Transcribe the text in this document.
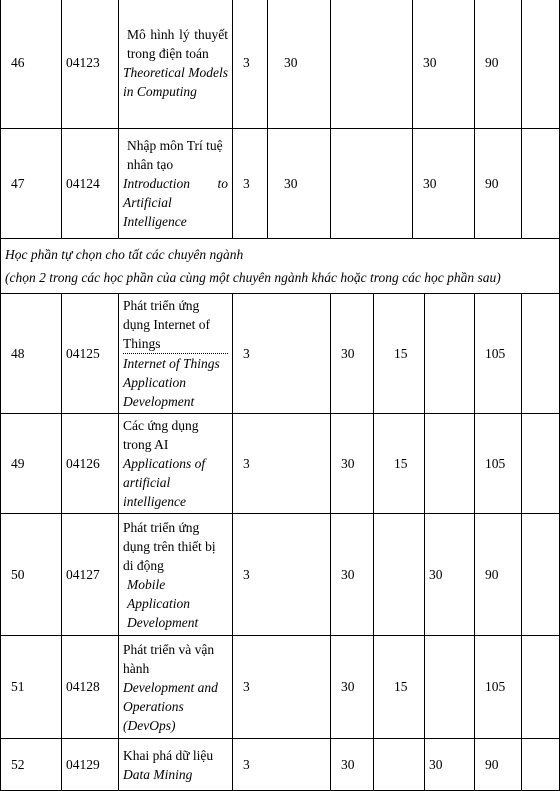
46	04123	Mô hình lý thuyết trong điện toán
Theoretical Models in Computing	3	30			30		90	
47	04124	Nhập môn Trí tuệ nhân tạo
Introduction to Artificial Intelligence	3	30			30		90	

Học phần tự chọn cho tất các chuyên ngành
(chọn 2 trong các học phần của cùng một chuyên ngành khác hoặc trong các học phần sau)										

48	04125	Phát triển ứng dụng Internet of Things
Internet of Things Application Development	3		30	15			105	
49	04126	Các ứng dụng trong AI
Applications of artificial intelligence	3		30	15			105	
50	04127	Phát triển ứng dụng trên thiết bị di động
Mobile Application Development	3		30			30	90	
51	04128	Phát triển và vận hành
Development and Operations (DevOps)	3		30	15			105	
52	04129	Khai phá dữ liệu
Data Mining	3		30			30	90	
